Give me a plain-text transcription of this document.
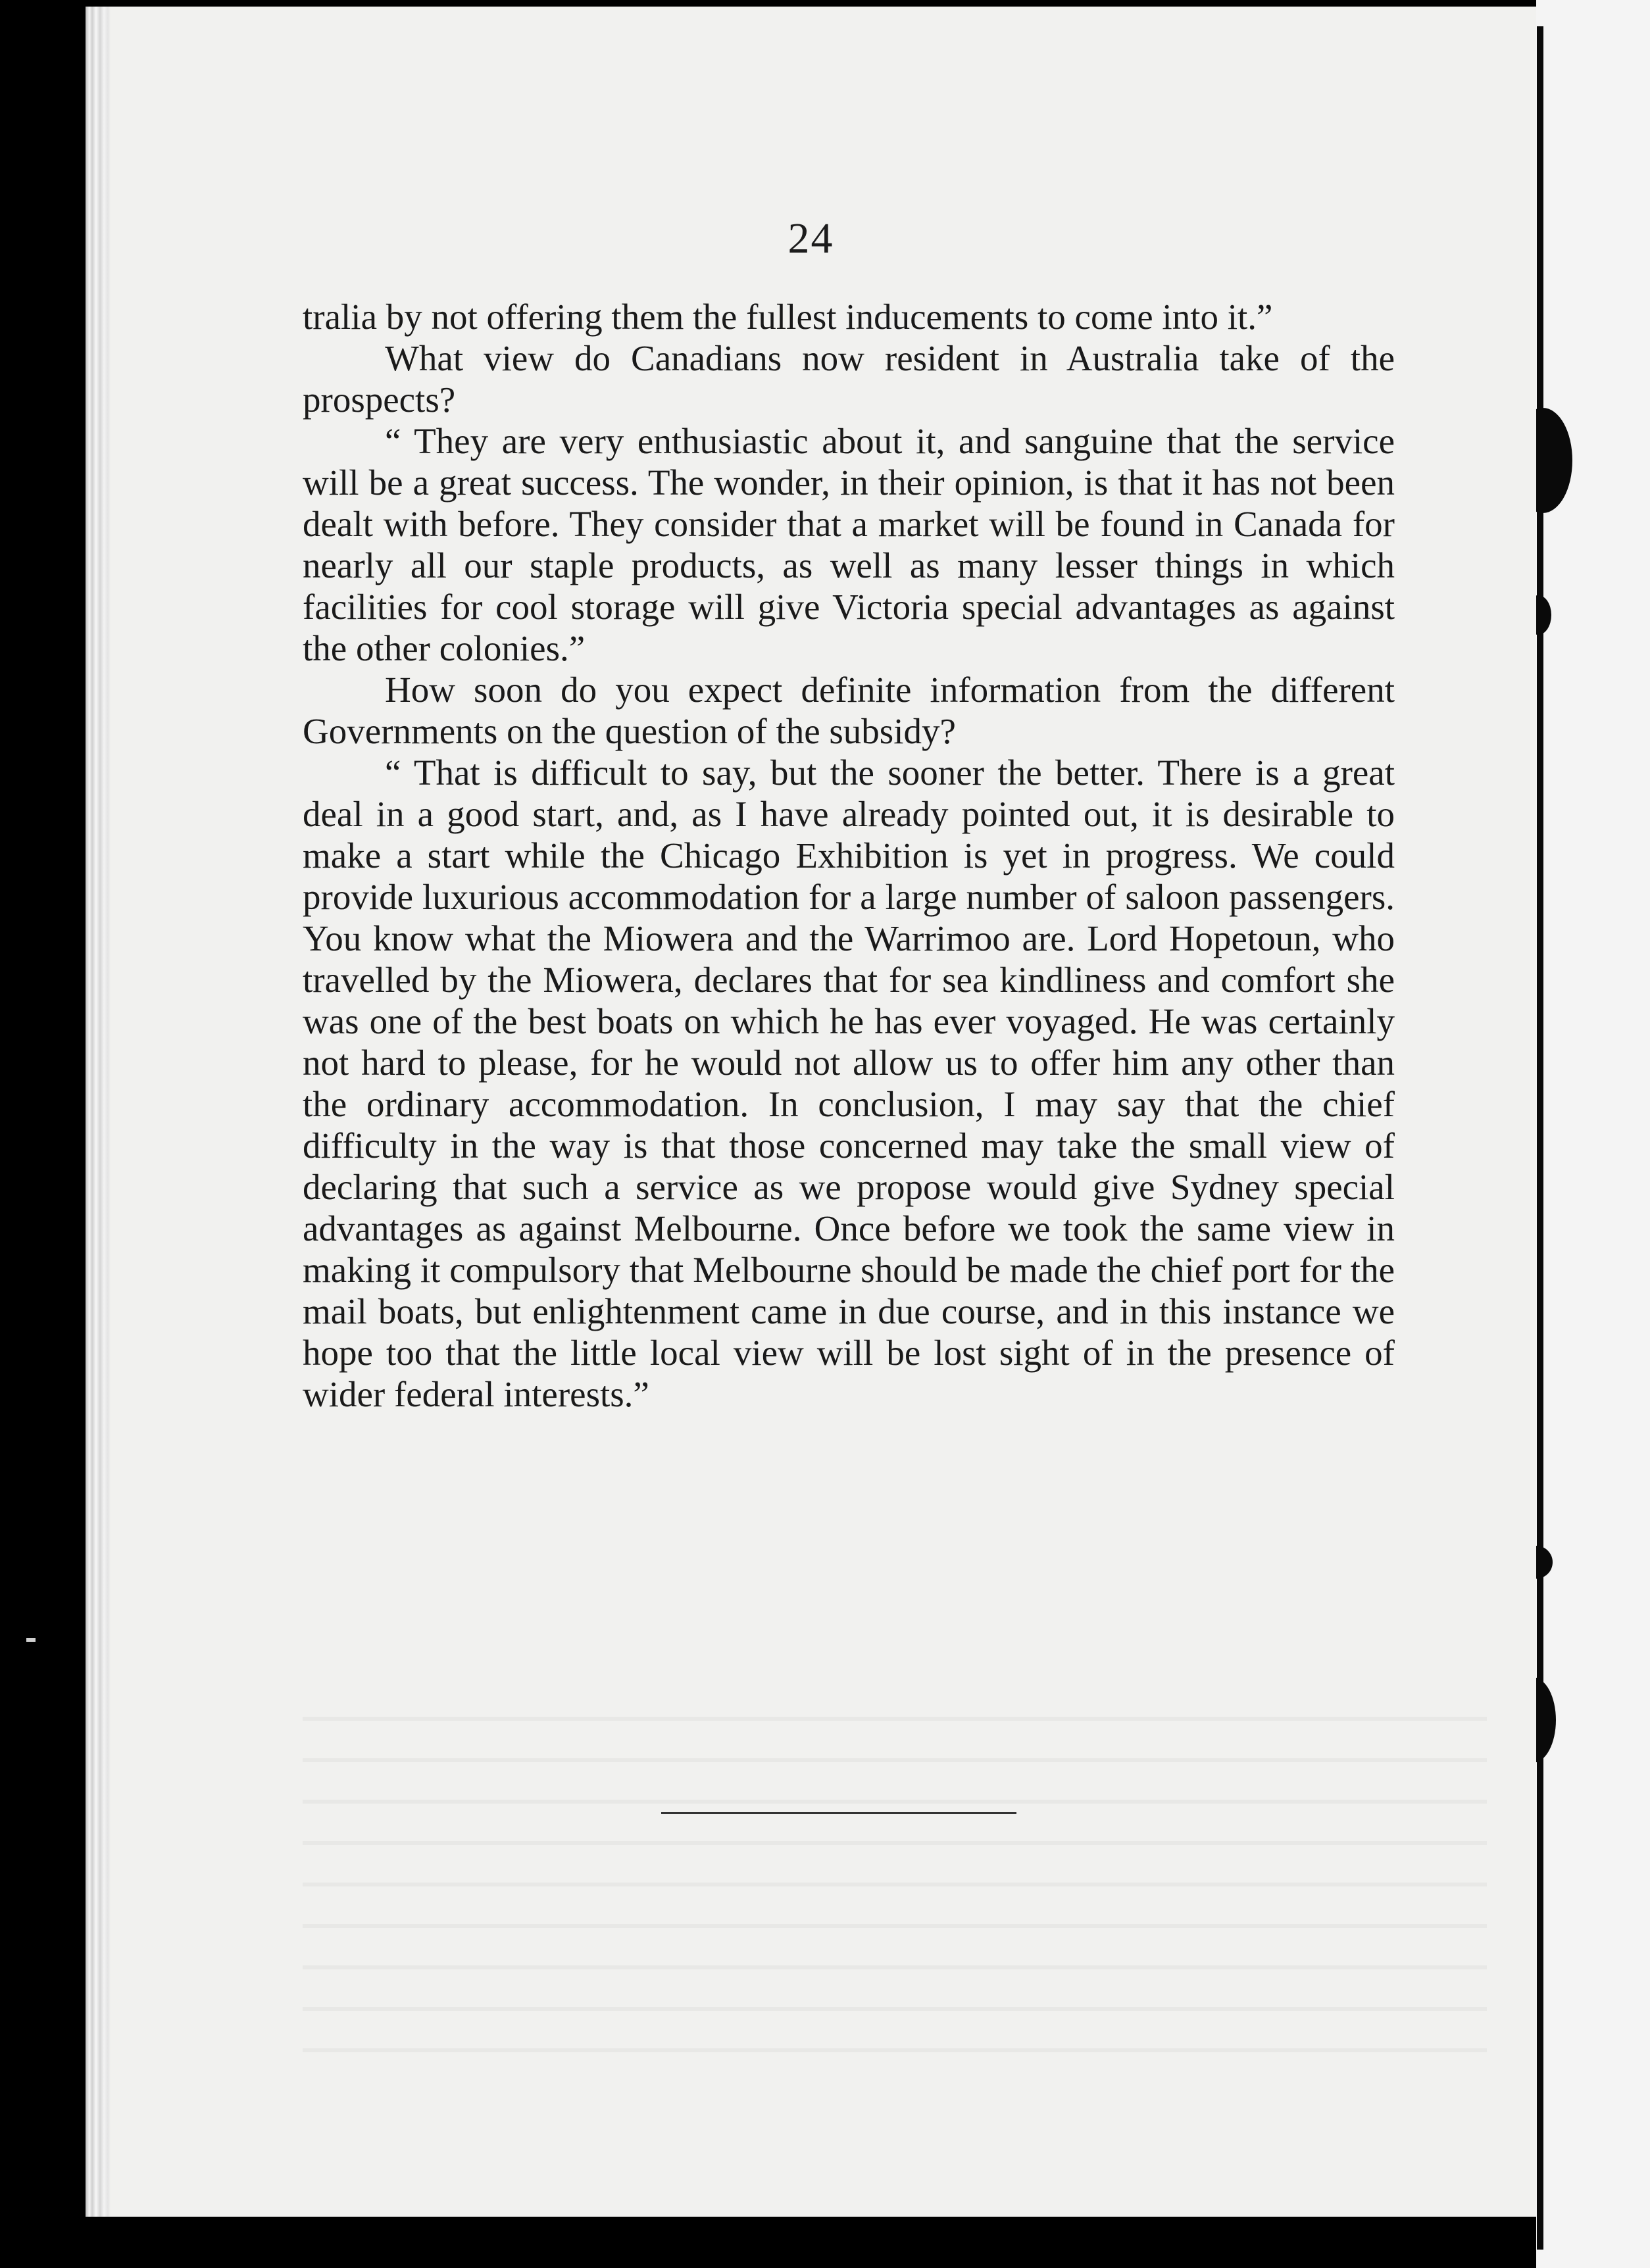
24

tralia by not offering them the fullest inducements to come into it.”

What view do Canadians now resident in Australia take of the prospects?

“ They are very enthusiastic about it, and sanguine that the service will be a great success. The wonder, in their opinion, is that it has not been dealt with before. They consider that a market will be found in Canada for nearly all our staple products, as well as many lesser things in which facilities for cool storage will give Victoria special advantages as against the other colonies.”

How soon do you expect definite information from the different Governments on the question of the subsidy?

“ That is difficult to say, but the sooner the better. There is a great deal in a good start, and, as I have already pointed out, it is desirable to make a start while the Chicago Exhibition is yet in progress. We could provide luxurious accommodation for a large number of saloon passengers. You know what the Miowera and the Warrimoo are. Lord Hopetoun, who travelled by the Miowera, declares that for sea kindliness and comfort she was one of the best boats on which he has ever voyaged. He was certainly not hard to please, for he would not allow us to offer him any other than the ordinary accommodation. In conclusion, I may say that the chief difficulty in the way is that those concerned may take the small view of declaring that such a service as we propose would give Sydney special advantages as against Melbourne. Once before we took the same view in making it compulsory that Melbourne should be made the chief port for the mail boats, but enlightenment came in due course, and in this instance we hope too that the little local view will be lost sight of in the presence of wider federal interests.”
